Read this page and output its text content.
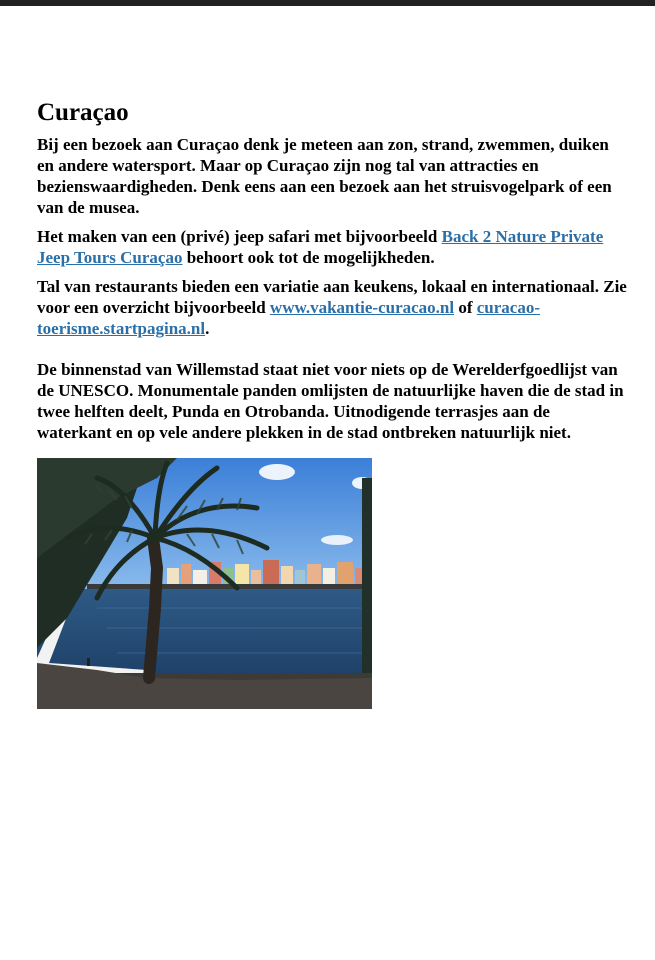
Curaçao

Bij een bezoek aan Curaçao denk je meteen aan zon, strand, zwemmen, duiken en andere watersport. Maar op Curaçao zijn nog tal van attracties en bezienswaardigheden. Denk eens aan een bezoek aan het struisvogelpark of een van de musea.

Het maken van een (privé) jeep safari met bijvoorbeeld Back 2 Nature Private Jeep Tours Curaçao behoort ook tot de mogelijkheden.

Tal van restaurants bieden een variatie aan keukens, lokaal en internationaal. Zie voor een overzicht bijvoorbeeld www.vakantie-curacao.nl of curacao-toerisme.startpagina.nl.

De binnenstad van Willemstad staat niet voor niets op de Werelderfgoedlijst van de UNESCO. Monumentale panden omlijsten de natuurlijke haven die de stad in twee helften deelt, Punda en Otrobanda. Uitnodigende terrasjes aan de waterkant en op vele andere plekken in de stad ontbreken natuurlijk niet.
